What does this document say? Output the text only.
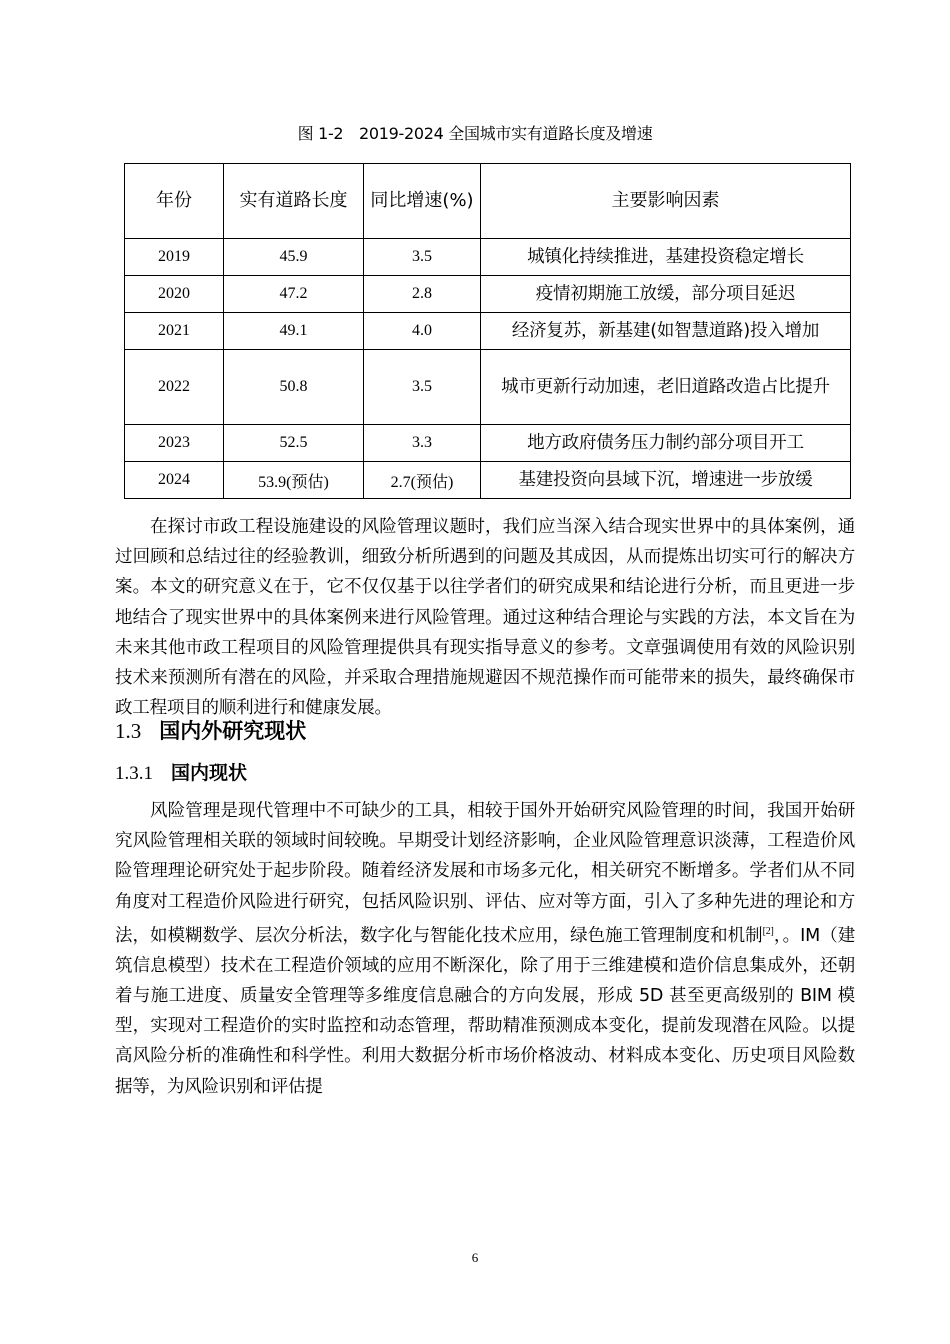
图 1-2　2019-2024 全国城市实有道路长度及增速
年份	实有道路长度	同比增速(%)	主要影响因素
2019	45.9	3.5	城镇化持续推进，基建投资稳定增长
2020	47.2	2.8	疫情初期施工放缓，部分项目延迟
2021	49.1	4.0	经济复苏，新基建(如智慧道路)投入增加
2022	50.8	3.5	城市更新行动加速，老旧道路改造占比提升
2023	52.5	3.3	地方政府债务压力制约部分项目开工
2024	53.9(预估)	2.7(预估)	基建投资向县域下沉，增速进一步放缓

在探讨市政工程设施建设的风险管理议题时，我们应当深入结合现实世界中的具体案例，通过回顾和总结过往的经验教训，细致分析所遇到的问题及其成因，从而提炼出切实可行的解决方案。本文的研究意义在于，它不仅仅基于以往学者们的研究成果和结论进行分析，而且更进一步地结合了现实世界中的具体案例来进行风险管理。通过这种结合理论与实践的方法，本文旨在为未来其他市政工程项目的风险管理提供具有现实指导意义的参考。文章强调使用有效的风险识别技术来预测所有潜在的风险，并采取合理措施规避因不规范操作而可能带来的损失，最终确保市政工程项目的顺利进行和健康发展。

1.3 国内外研究现状
1.3.1 国内现状

风险管理是现代管理中不可缺少的工具，相较于国外开始研究风险管理的时间，我国开始研究风险管理相关联的领域时间较晚。早期受计划经济影响，企业风险管理意识淡薄，工程造价风险管理理论研究处于起步阶段。随着经济发展和市场多元化，相关研究不断增多。学者们从不同角度对工程造价风险进行研究，包括风险识别、评估、应对等方面，引入了多种先进的理论和方法，如模糊数学、层次分析法，数字化与智能化技术应用，绿色施工管理制度和机制[2]，。IM（建筑信息模型）技术在工程造价领域的应用不断深化，除了用于三维建模和造价信息集成外，还朝着与施工进度、质量安全管理等多维度信息融合的方向发展，形成 5D 甚至更高级别的 BIM 模型，实现对工程造价的实时监控和动态管理，帮助精准预测成本变化，提前发现潜在风险。以提高风险分析的准确性和科学性。利用大数据分析市场价格波动、材料成本变化、历史项目风险数据等，为风险识别和评估提

6
